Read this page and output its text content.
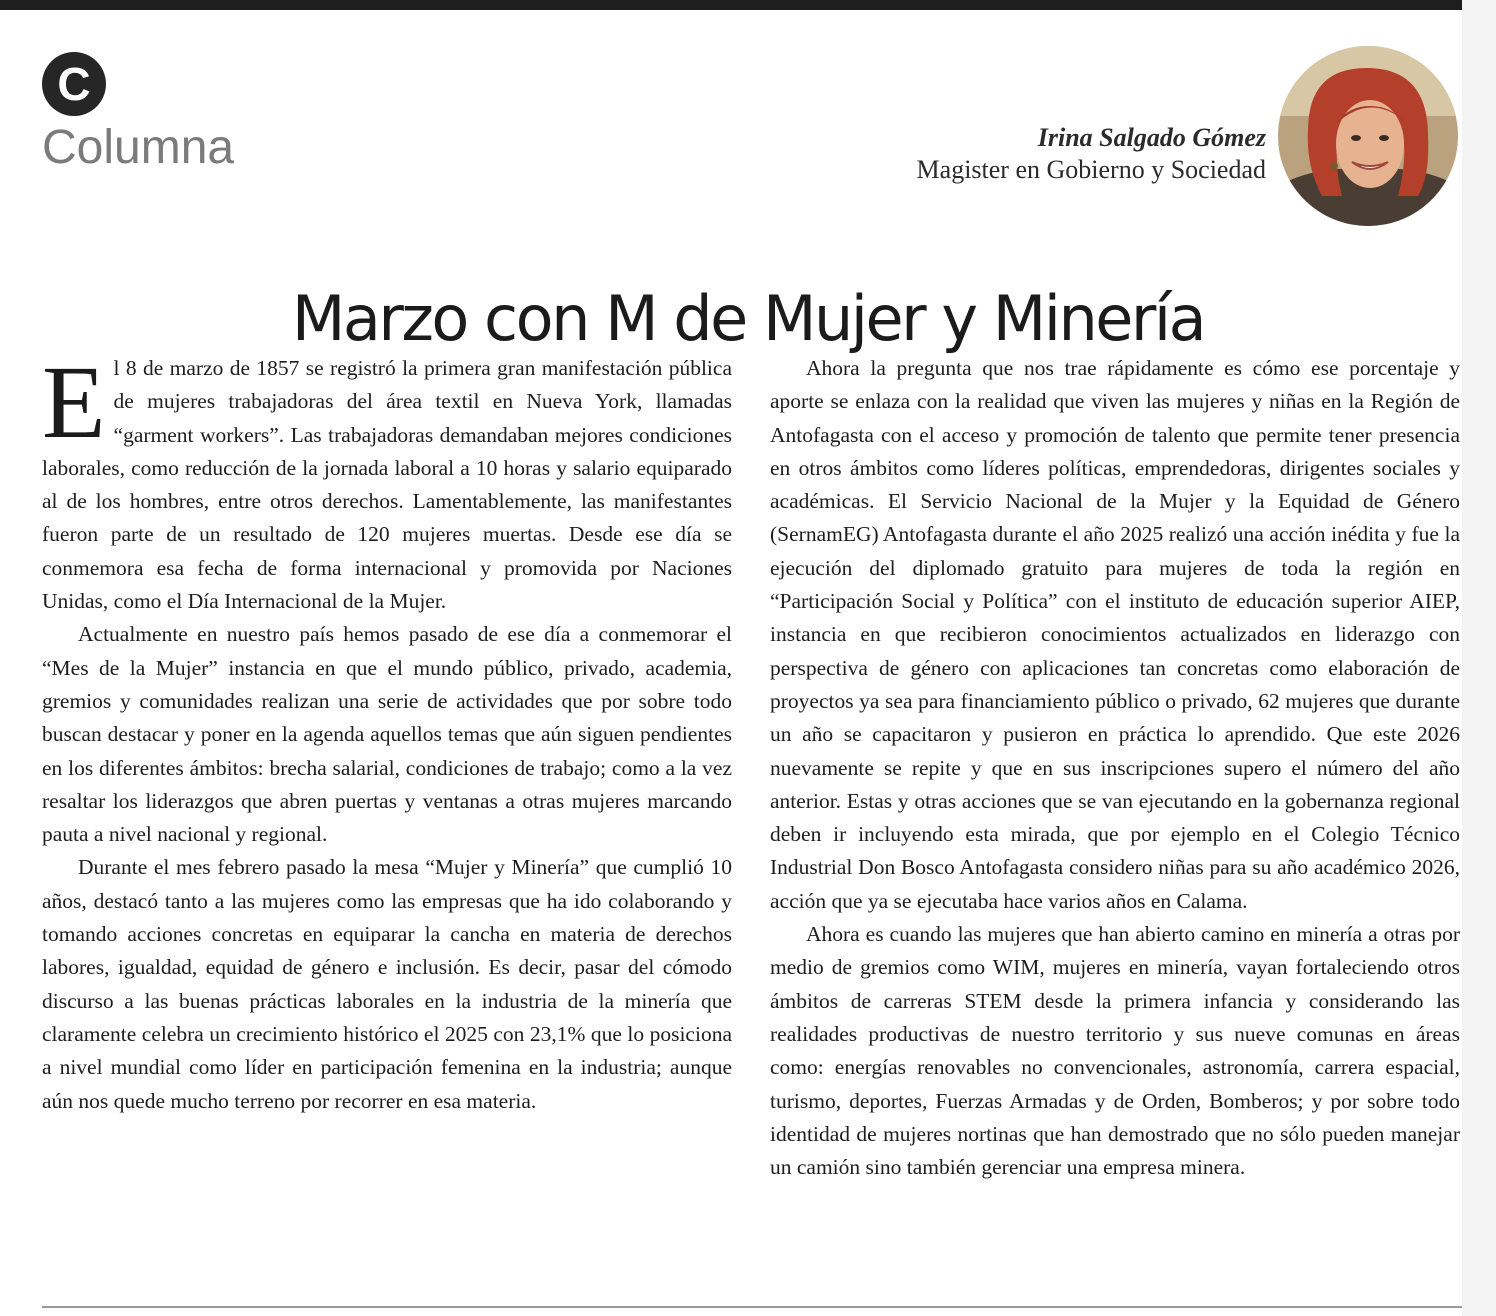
C
Columna	Irina Salgado Gómez
Magister en Gobierno y Sociedad
Marzo con M de Mujer y Minería

El 8 de marzo de 1857 se registró la primera gran manifestación pública de mujeres trabajadoras del área textil en Nueva York, llamadas “garment workers”. Las trabajadoras demandaban mejores condiciones laborales, como reducción de la jornada laboral a 10 horas y salario equiparado al de los hombres, entre otros derechos. Lamentablemente, las manifestantes fueron parte de un resultado de 120 mujeres muertas. Desde ese día se conmemora esa fecha de forma internacional y promovida por Naciones Unidas, como el Día Internacional de la Mujer.

Actualmente en nuestro país hemos pasado de ese día a conmemorar el “Mes de la Mujer” instancia en que el mundo público, privado, academia, gremios y comunidades realizan una serie de actividades que por sobre todo buscan destacar y poner en la agenda aquellos temas que aún siguen pendientes en los diferentes ámbitos: brecha salarial, condiciones de trabajo; como a la vez resaltar los liderazgos que abren puertas y ventanas a otras mujeres marcando pauta a nivel nacional y regional.

Durante el mes febrero pasado la mesa “Mujer y Minería” que cumplió 10 años, destacó tanto a las mujeres como las empresas que ha ido colaborando y tomando acciones concretas en equiparar la cancha en materia de derechos labores, igualdad, equidad de género e inclusión. Es decir, pasar del cómodo discurso a las buenas prácticas laborales en la industria de la minería que claramente celebra un crecimiento histórico el 2025 con 23,1% que lo posiciona a nivel mundial como líder en participación femenina en la industria; aunque aún nos quede mucho terreno por recorrer en esa materia.

Ahora la pregunta que nos trae rápidamente es cómo ese porcentaje y aporte se enlaza con la realidad que viven las mujeres y niñas en la Región de Antofagasta con el acceso y promoción de talento que permite tener presencia en otros ámbitos como líderes políticas, emprendedoras, dirigentes sociales y académicas. El Servicio Nacional de la Mujer y la Equidad de Género (SernamEG) Antofagasta durante el año 2025 realizó una acción inédita y fue la ejecución del diplomado gratuito para mujeres de toda la región en “Participación Social y Política” con el instituto de educación superior AIEP, instancia en que recibieron conocimientos actualizados en liderazgo con perspectiva de género con aplicaciones tan concretas como elaboración de proyectos ya sea para financiamiento público o privado, 62 mujeres que durante un año se capacitaron y pusieron en práctica lo aprendido. Que este 2026 nuevamente se repite y que en sus inscripciones supero el número del año anterior. Estas y otras acciones que se van ejecutando en la gobernanza regional deben ir incluyendo esta mirada, que por ejemplo en el Colegio Técnico Industrial Don Bosco Antofagasta considero niñas para su año académico 2026, acción que ya se ejecutaba hace varios años en Calama.

Ahora es cuando las mujeres que han abierto camino en minería a otras por medio de gremios como WIM, mujeres en minería, vayan fortaleciendo otros ámbitos de carreras STEM desde la primera infancia y considerando las realidades productivas de nuestro territorio y sus nueve comunas en áreas como: energías renovables no convencionales, astronomía, carrera espacial, turismo, deportes, Fuerzas Armadas y de Orden, Bomberos; y por sobre todo identidad de mujeres nortinas que han demostrado que no sólo pueden manejar un camión sino también gerenciar una empresa minera.
